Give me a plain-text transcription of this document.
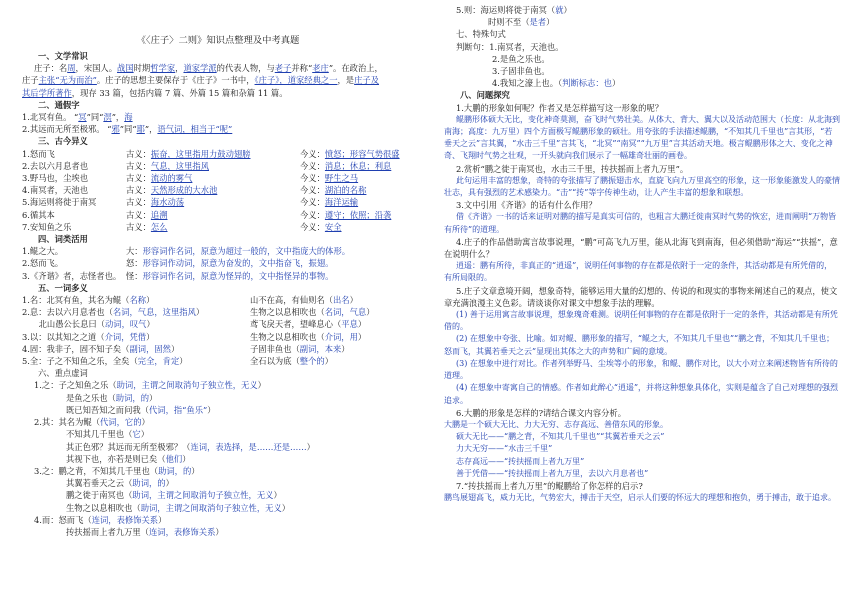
《〈庄子〉二则》知识点整理及中考真题
一、文学常识
庄子：名周，宋国人。战国时期哲学家，道家学派的代表人物，与老子并称“老庄”。在政治上，
庄子主张“无为而治”。庄子的思想主要保存于《庄子》一书中，《庄子》，道家经典之一，是庄子及
其后学所著作，现存 33 篇，包括内篇 7 篇、外篇 15 篇和杂篇 11 篇。
二、通假字
1.北冥有鱼。 “冥”同“溟”，海
2.其远而无所至极邪。 “邪”同“耶”，语气词，相当于“呢”
三、古今异义
1.怒而飞	古义：振奋，这里指用力鼓动翅膀	今义：愤怒；形容气势很盛
2.去以六月息者也	古义：气息，这里指风	今义：消息；休息；利息
3.野马也，尘埃也	古义：流动的雾气	今义：野生之马
4.南冥者，天池也	古义：天然形成的大水池	今义：湖泊的名称
5.海运则将徙于南冥	古义：海水动荡	今义：海洋运输
6.循其本	古义：追溯	今义：遵守；依照；沿袭
7.安知鱼之乐	古义：怎么	今义：安全
四、词类活用
1.鲲之大。	大：形容词作名词，原意为超过一般的，文中指庞大的体形。
2.怒而飞。	怒：形容词作动词，原意为奋发的，文中指奋飞，振翅。
3.《齐谐》者，志怪者也。 怪：形容词作名词，原意为怪异的，文中指怪异的事物。
五、一词多义
1.名：北冥有鱼，其名为鲲（名称）	山不在高，有仙则名（出名）
2.息：去以六月息者也（名词，气息，这里指风）	生物之以息相吹也（名词，气息）
　　北山愚公长息曰（动词，叹气）	鸢飞戾天者，望峰息心（平息）
3.以：以其知之之道（介词，凭借）	生物之以息相吹也（介词，用）
4.固：我非子，固不知子矣（副词，固然）	子固非鱼也（副词，本来）
5.全：子之不知鱼之乐，全矣（完全，肯定）	全石以为底（整个的）
六、重点虚词
1.之：子之知鱼之乐（助词，主谓之间取消句子独立性，无义）
是鱼之乐也（助词，的）
既已知吾知之而问我（代词，指“鱼乐”）
2.其：其名为鲲（代词，它的）
不知其几千里也（它）
其正色邪？其远而无所至极邪？（连词，表选择，是……还是……）
其视下也，亦若是则已矣（他们）
3.之：鹏之背，不知其几千里也（助词，的）
其翼若垂天之云（助词，的）
鹏之徙于南冥也（助词，主谓之间取消句子独立性，无义）
生物之以息相吹也（助词，主谓之间取消句子独立性，无义）
4.而：怒而飞（连词，表修饰关系）
抟扶摇而上者九万里（连词，表修饰关系）
5.则：海运则将徙于南冥（就）
时则不至（是者）
七、特殊句式
判断句：1.南冥者，天池也。
2.是鱼之乐也。
3.子固非鱼也。
4.我知之濠上也。（判断标志：也）
八、问题探究
1.大鹏的形象如何呢？作者又是怎样描写这一形象的呢？
鲲鹏形体硕大无比，变化神奇莫测，奋飞时气势壮美。从体大、背大、翼大以及活动范围大（长度：从北海到南海；高度：九万里）四个方面极写鲲鹏形象的硕壮。用夸张的手法描述鲲鹏，“不知其几千里也”言其形，“若垂天之云”言其翼，“水击三千里”言其飞，“北冥”“南冥”“九万里”言其活动天地。极言鲲鹏形体之大、变化之神奇、飞翔时气势之壮观，一开头就向我们展示了一幅雄奇壮丽的画卷。
2.赏析“鹏之徙于南冥也，水击三千里，抟扶摇而上者九万里”。
此句运用丰富的想象，奇特的夸张描写了鹏振翅击水，直旋飞向九万里高空的形象，这一形象能激发人的豪情壮志，具有强烈的艺术感染力。“击”“抟”等字传神生动，让人产生丰富的想象和联想。
3.文中引用《齐谐》的话有什么作用？
借《齐谐》一书的话来证明对鹏的描写是真实可信的，也粗言大鹏迁徙南冥时气势的恢宏，进而阐明“万物皆有所待”的道理。
4.庄子的作品借助寓言故事说理，“鹏”可高飞九万里，能从北海飞到南海，但必须借助“海运”“扶摇”，意在说明什么？
逍遥：鹏有所待，非真正的“逍遥”，说明任何事物的存在都是依附于一定的条件，其活动都是有所凭借的，有所局限的。
5.庄子文章意境开阔，想象奇特，能够运用大量的幻想的、传说的和现实的事物来阐述自己的观点，使文章充满浪漫主义色彩。请谈谈你对课文中想象手法的理解。
(1) 善于运用寓言故事说理，想象瑰奇难测。说明任何事物的存在都是依附于一定的条件，其活动都是有所凭借的。
(2) 在想象中夸张、比喻。如对鲲、鹏形象的描写，“鲲之大，不知其几千里也”“鹏之背，不知其几千里也；怒而飞，其翼若垂天之云”显现出其体之大的声势和广阔的意境。
(3) 在想象中进行对比。作者列举野马、尘埃等小的形象，和鲲、鹏作对比，以大小对立来阐述物皆有所待的道理。
(4) 在想象中寄寓自己的情感。作者如此醉心“逍遥”，并将这种想象具体化，实则是蕴含了自己对理想的强烈追求。
6.大鹏的形象是怎样的?请结合课文内容分析。
大鹏是一个硕大无比、力大无穷、志存高远、善借东风的形象。
硕大无比——“鹏之背，不知其几千里也”“其翼若垂天之云”
力大无穷——“水击三千里”
志存高远——“抟扶摇而上者九万里”
善于凭借——“抟扶摇而上者九万里，去以六月息者也”
7.“抟扶摇而上者九万里”的鲲鹏给了你怎样的启示?
鹏鸟展翅高飞，威力无比，气势宏大，搏击于天空，启示人们要的怀远大的理想和抱负，勇于搏击，敢于追求。
